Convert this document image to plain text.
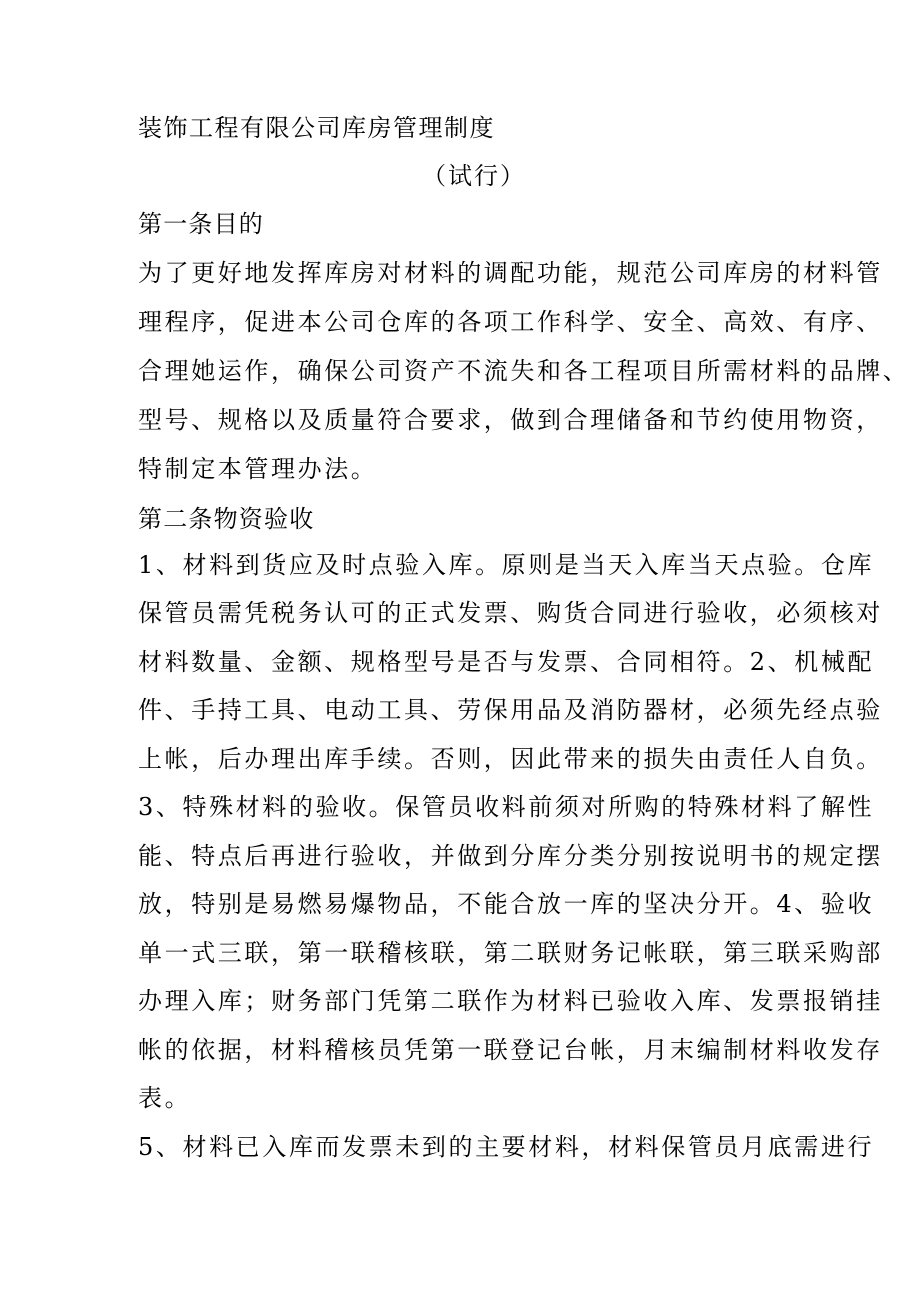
装饰工程有限公司库房管理制度
（试行）
第一条目的
为了更好地发挥库房对材料的调配功能，规范公司库房的材料管
理程序，促进本公司仓库的各项工作科学、安全、高效、有序、
合理她运作，确保公司资产不流失和各工程项目所需材料的品牌、
型号、规格以及质量符合要求，做到合理储备和节约使用物资，
特制定本管理办法。
第二条物资验收
1、材料到货应及时点验入库。原则是当天入库当天点验。仓库
保管员需凭税务认可的正式发票、购货合同进行验收，必须核对
材料数量、金额、规格型号是否与发票、合同相符。2、机械配
件、手持工具、电动工具、劳保用品及消防器材，必须先经点验
上帐，后办理出库手续。否则，因此带来的损失由责任人自负。
3、特殊材料的验收。保管员收料前须对所购的特殊材料了解性
能、特点后再进行验收，并做到分库分类分别按说明书的规定摆
放，特别是易燃易爆物品，不能合放一库的坚决分开。4、验收
单一式三联，第一联稽核联，第二联财务记帐联，第三联采购部
办理入库；财务部门凭第二联作为材料已验收入库、发票报销挂
帐的依据，材料稽核员凭第一联登记台帐，月末编制材料收发存
表。
5、材料已入库而发票未到的主要材料，材料保管员月底需进行
